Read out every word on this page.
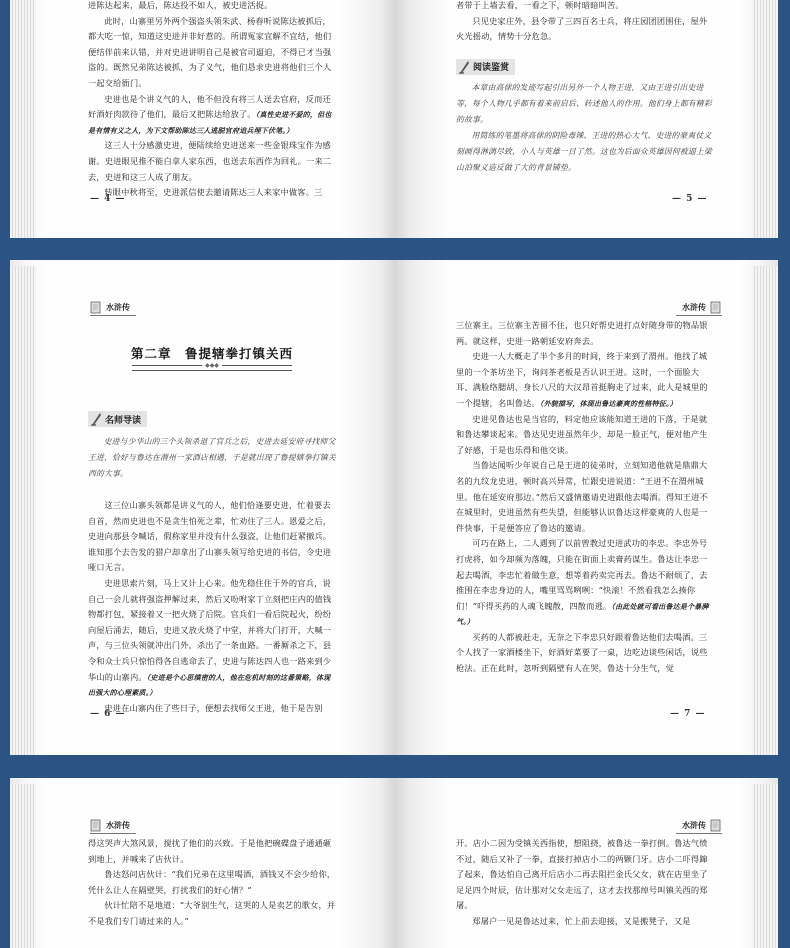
进陈达起来，最后，陈达投不如人，被史进活捉。

此时，山寨里另外两个强盗头领朱武、杨春听说陈达被抓后，都大吃一惊，知道这史进并非好惹的。所谓冤家宜解不宜结，他们便结伴前来认错，并对史进讲明自己是被官司逼迫，不得已才当强盗的。既然兄弟陈达被抓，为了义气，他们恳求史进将他们三个人一起交给衙门。

史进也是个讲义气的人，他不但没有将三人送去官府，反而还好酒好肉款待了他们，最后又把陈达给放了。（真性史进不爱的，但也是有情有义之人，为下文帮助陈达三人逃脱官府追兵埋下伏笔。）

这三人十分感激史进，便陆续给史进送来一些金银珠宝作为感谢。史进眼见推不能白拿人家东西，也送去东西作为回礼。一来二去，史进和这三人成了朋友。

转眼中秋将至，史进派信使去邀请陈达三人来家中做客。三

— 4 —

者带于上墙去看，一看之下，顿时暗暗叫苦。

只见史家庄外，县令带了三四百名士兵，将庄园团团围住，屋外火光摇动，情势十分危急。

阅读鉴赏

本章由高俅的发迹写起引出另外一个人物王进，又由王进引出史进等，每个人物几乎都有着来前启后、转述他人的作用。他们身上都有精彩的故事。

用简练的笔墨将高俅的阴险毒辣、王进的热心大气、史进的豪爽仗义刻画得淋漓尽致，小人与英雄一目了然。这也为后面众英雄因何被逼上梁山泊聚义造反做了大的背景铺垫。

— 5 —
水浒传
第二章　鲁提辖拳打镇关西
◆◆◆
名师导读

史进与少华山的三个头领杀退了官兵之后，史进去延安府寻找师父王进，恰好与鲁达在渭州一家酒店相遇，于是就出现了鲁提辖拳打镇关西的大事。

这三位山寨头领都是讲义气的人，他们恰逢要史进，忙着要去自首，然而史进也不是贪生怕死之辈，忙劝住了三人。恩爱之后，史进向那县令喊话，假称家里并没有什么强盗，让他们赶紧撤兵。谁知那个去告发的猎户却拿出了山寨头领写给史进的书信，令史进哑口无言。

史进思索片刻，马上又计上心来。他先稳住住于外的官兵，说自己一会儿就将强盗押解过来，然后又吩咐家丁立刻把庄内的值钱物都打包，紧接着又一把火烧了后院。官兵们一看后院起火，纷纷向屋后涌去，随后，史进又放火烧了中堂，并将大门打开，大喊一声，与三位头领就冲出门外，杀出了一条血路。一番厮杀之下，县令和众士兵只惊怕得各自逃命去了，史进与陈达四人也一路来到少华山的山寨内。（史进是个心思缜密的人，他在危机时刻的这番策略，体现出强大的心理素质。）

史进在山寨内住了些日子，便想去找师父王进，他于是告别

— 6 —
水浒传

三位寨主。三位寨主苦留不住，也只好帮史进打点好随身带的物品银两。就这样，史进一路朝延安府奔去。

史进一人大概走了半个多月的时间，终于来到了渭州。他找了城里的一个茶坊坐下，询问茶老板是否认识王进。这时，一个面脸大耳、满脸络腮胡、身长八尺的大汉昂首挺胸走了过来，此人是城里的一个提辖，名叫鲁达。（外貌描写，体现出鲁达豪爽的性格特征。）

史进见鲁达也是当官的，料定他应该能知道王进的下落，于是就和鲁达攀谈起来。鲁达见史进虽然年少，却是一脸正气，便对他产生了好感，于是也乐得和他交谈。

当鲁达闻听少年说自己是王进的徒弟时，立刻知道他就是鼎鼎大名的九纹龙史进，顿时高兴异常，忙跟史进说道：“王进不在渭州城里。他在延安府那边。”然后又盛情邀请史进跟他去喝酒。得知王进不在城里时，史进虽然有些失望，但能够认识鲁达这样豪爽的人也是一件快事，于是便答应了鲁达的邀请。

可巧在路上，二人遇到了以前曾教过史进武功的李忠。李忠外号打虎将，如今却频为落魄，只能在街面上卖膏药谋生。鲁达让李忠一起去喝酒，李忠忙着做生意，想等着药卖完再去。鲁达不耐烦了，去推围在李忠身边的人，嘴里骂骂咧咧：“快滚！不然看我怎么揍你们！”吓得买药的人魂飞魄散，四散而逃。（由此处就可看出鲁达是个暴脾气。）

买药的人都被赶走，无奈之下李忠只好跟着鲁达他们去喝酒。三个人找了一家酒楼坐下，好酒好菜要了一桌，边吃边谈些闲话，说些枪法。正在此时，忽听到隔壁有人在哭，鲁达十分生气，觉

— 7 —
水浒传

得这哭声大煞风景，搅扰了他们的兴致。于是他把碗碟盘子通通砸到地上，并喊来了店伙计。

鲁达怒问店伙计：“我们兄弟在这里喝酒，酒钱又不会少给你，凭什么让人在隔壁哭，打扰我们的好心情？”

伙计忙陪不是地道：“大爷别生气，这哭的人是卖艺的歌女，并不是我们专门请过来的人。”

水浒传

开。店小二因为受镇关西指使，想阻挠，被鲁达一拳打倒。鲁达气愤不过，随后又补了一拳，直接打掉店小二的两颗门牙。店小二吓得蹿了起来，鲁达怕自己离开后店小二再去阻拦金氏父女，就在店里坐了足足四个时辰，估计那对父女走远了，这才去找那绰号叫镇关西的郑屠。

郑屠户一见是鲁达过来，忙上前去迎接，又是搬凳子，又是
